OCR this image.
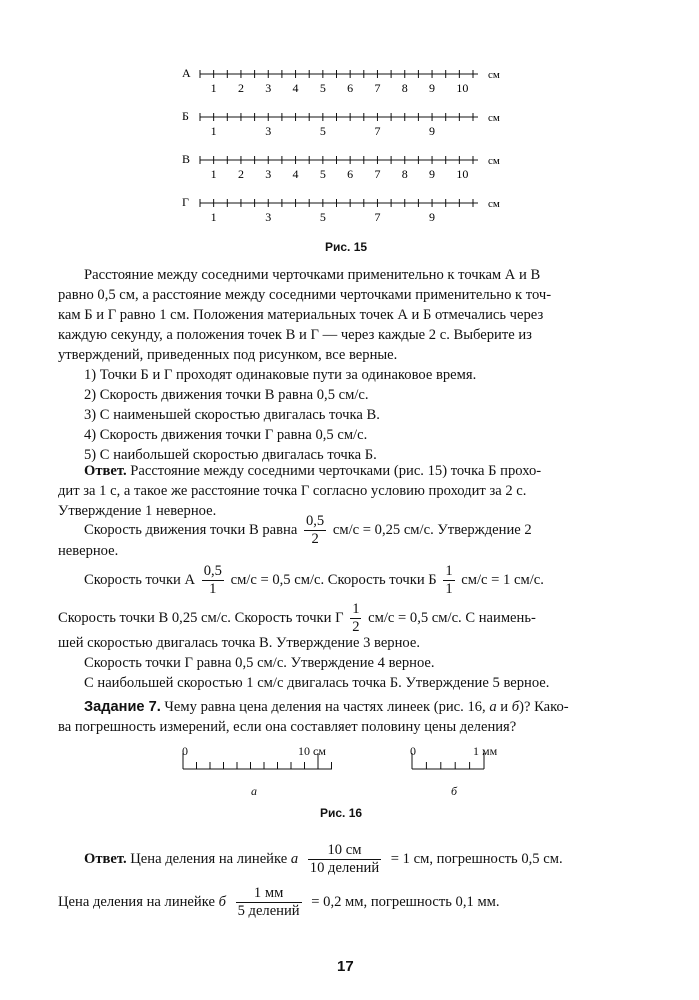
А
1 2 3 4 5 6 7 8 9 10
см
Б
1	3	5	7	9
см
В
1 2 3 4 5 6 7 8 9 10
см
Г
1	3	5	7	9
см
Рис. 15
Расстояние между соседними черточками применительно к точкам А и В
равно 0,5 см, а расстояние между соседними черточками применительно к точ-
кам Б и Г равно 1 см. Положения материальных точек А и Б отмечались через
каждую секунду, а положения точек В и Г — через каждые 2 с. Выберите из
утверждений, приведенных под рисунком, все верные.
1) Точки Б и Г проходят одинаковые пути за одинаковое время.
2) Скорость движения точки В равна 0,5 см/с.
3) С наименьшей скоростью двигалась точка В.
4) Скорость движения точки Г равна 0,5 см/с.
5) С наибольшей скоростью двигалась точка Б.
Ответ. Расстояние между соседними черточками (рис. 15) точка Б прохо-
дит за 1 с, а такое же расстояние точка Г согласно условию проходит за 2 с.
Утверждение 1 неверное.
Скорость движения точки В равна $\frac{0,5}{2} см/с = 0,25$ см/с. Утверждение 2
неверное.
Скорость точки А $\frac{0,5}{1} см/с = 0,5$ см/с. Скорость точки Б $\frac{1}{1} см/с = 1$ см/с.
Скорость точки В 0,25 см/с. Скорость точки Г $\frac{1}{2} см/с = 0,5$ см/с. С наимень-
шей скоростью двигалась точка В. Утверждение 3 верное.
Скорость точки Г равна 0,5 см/с. Утверждение 4 верное.
С наибольшей скоростью 1 см/с двигалась точка Б. Утверждение 5 верное.
Задание 7. Чему равна цена деления на частях линеек (рис. 16, а и б)? Како-
ва погрешность измерений, если она составляет половину цены деления?
0	10 см
а
0	1 мм
б
Рис. 16
Ответ. Цена деления на линейке а $\frac{10 см}{\text{10 делений}} = 1$ см, погрешность 0,5 см.
Цена деления на линейке б $\frac{1 мм}{\text{5 делений}} = 0,2$ мм, погрешность 0,1 мм.
17
